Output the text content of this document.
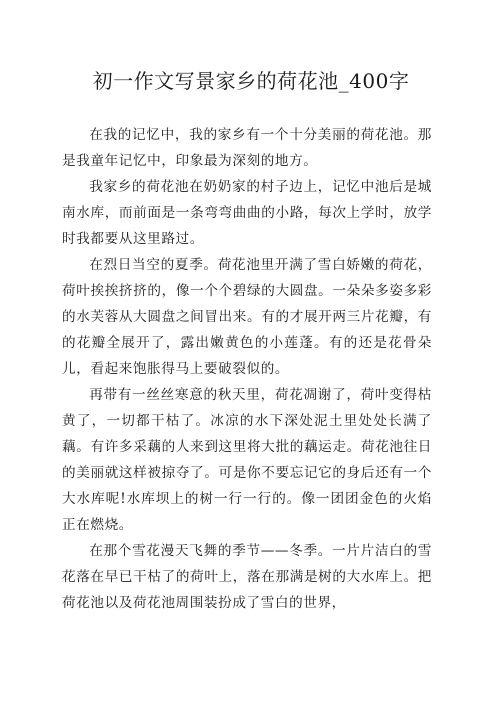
初一作文写景家乡的荷花池_400字

在我的记忆中，我的家乡有一个十分美丽的荷花池。那是我童年记忆中，印象最为深刻的地方。

我家乡的荷花池在奶奶家的村子边上，记忆中池后是城南水库，而前面是一条弯弯曲曲的小路，每次上学时，放学时我都要从这里路过。

在烈日当空的夏季。荷花池里开满了雪白娇嫩的荷花，荷叶挨挨挤挤的，像一个个碧绿的大圆盘。一朵朵多姿多彩的水芙蓉从大圆盘之间冒出来。有的才展开两三片花瓣，有的花瓣全展开了，露出嫩黄色的小莲蓬。有的还是花骨朵儿，看起来饱胀得马上要破裂似的。

再带有一丝丝寒意的秋天里，荷花凋谢了，荷叶变得枯黄了，一切都干枯了。冰凉的水下深处泥土里处处长满了藕。有许多采藕的人来到这里将大批的藕运走。荷花池往日的美丽就这样被掠夺了。可是你不要忘记它的身后还有一个大水库呢!水库坝上的树一行一行的。像一团团金色的火焰正在燃烧。

在那个雪花漫天飞舞的季节——冬季。一片片洁白的雪花落在早已干枯了的荷叶上，落在那满是树的大水库上。把荷花池以及荷花池周围装扮成了雪白的世界，
